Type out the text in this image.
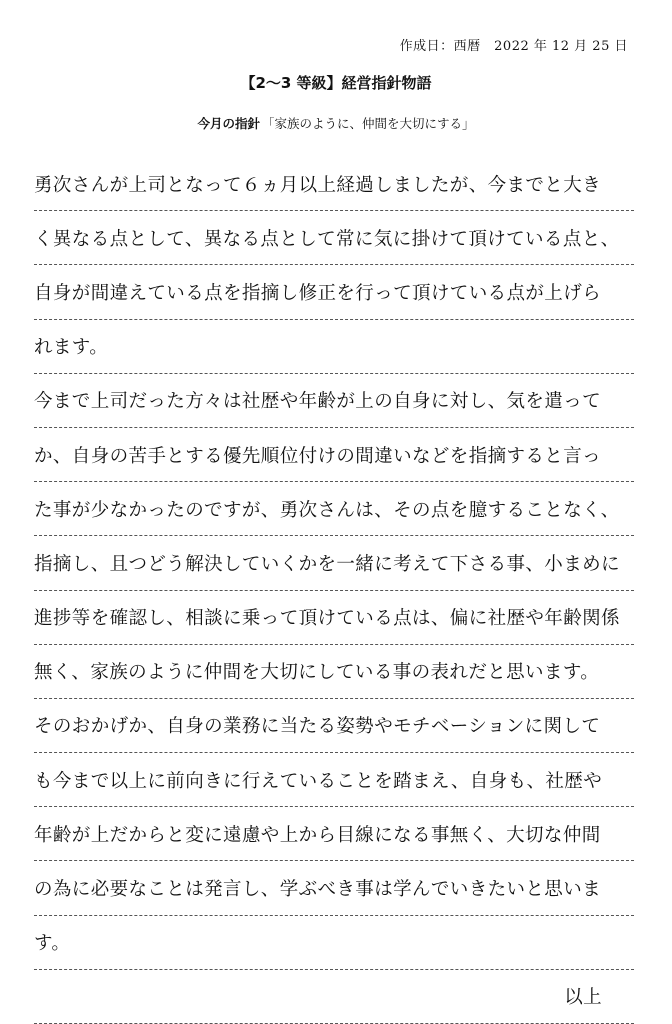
作成日：西暦　2022 年 12 月 25 日
【2～3 等級】経営指針物語
今月の指針 「家族のように、仲間を大切にする」
勇次さんが上司となって６ヵ月以上経過しましたが、今までと大き
く異なる点として、異なる点として常に気に掛けて頂けている点と、
自身が間違えている点を指摘し修正を行って頂けている点が上げら
れます。
今まで上司だった方々は社歴や年齢が上の自身に対し、気を遣って
か、自身の苦手とする優先順位付けの間違いなどを指摘すると言っ
た事が少なかったのですが、勇次さんは、その点を臆することなく、
指摘し、且つどう解決していくかを一緒に考えて下さる事、小まめに
進捗等を確認し、相談に乗って頂けている点は、偏に社歴や年齢関係
無く、家族のように仲間を大切にしている事の表れだと思います。
そのおかげか、自身の業務に当たる姿勢やモチベーションに関して
も今まで以上に前向きに行えていることを踏まえ、自身も、社歴や
年齢が上だからと変に遠慮や上から目線になる事無く、大切な仲間
の為に必要なことは発言し、学ぶべき事は学んでいきたいと思いま
す。
以上
